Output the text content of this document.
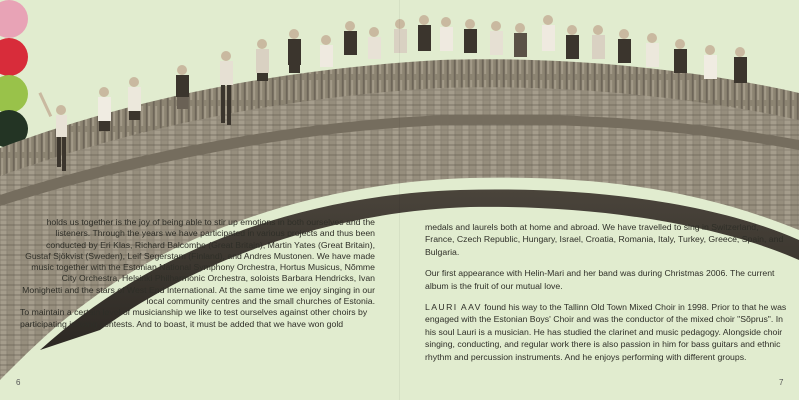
holds us together is the joy of being able to stir up emotions in both ourselves and the listeners. Through the years we have participated in various projects and thus been conducted by Eri Klas, Richard Balcombe (Great Britain), Martin Yates (Great Britain), Gustaf Sjökvist (Sweden), Leif Segerstam (Finland), and Andres Mustonen. We have made music together with the Estonian National Symphony Orchestra, Hortus Musicus, Nõmme City Orchestra, Helsinki Philharmonic Orchestra, soloists Barbara Hendricks, Ivan Monighetti and the stars of West End International. At the same time we enjoy singing in our local community centres and the small churches of Estonia.

To maintain a certain level of musicianship we like to test ourselves against other choirs by participating in song contests. And to boast, it must be added that we have won gold

medals and laurels both at home and abroad. We have travelled to sing in Switzerland, France, Czech Republic, Hungary, Israel, Croatia, Romania, Italy, Turkey, Greece, Spain, and Bulgaria.

Our first appearance with Helin-Mari and her band was during Christmas 2006. The current album is the fruit of our mutual love.

LAURI AAV found his way to the Tallinn Old Town Mixed Choir in 1998. Prior to that he was engaged with the Estonian Boys' Choir and was the conductor of the mixed choir "Sõprus". In his soul Lauri is a musician. He has studied the clarinet and music pedagogy. Alongside choir singing, conducting, and regular work there is also passion in him for bass guitars and ethnic rhythm and percussion instruments. And he enjoys performing with different groups.

6	7
